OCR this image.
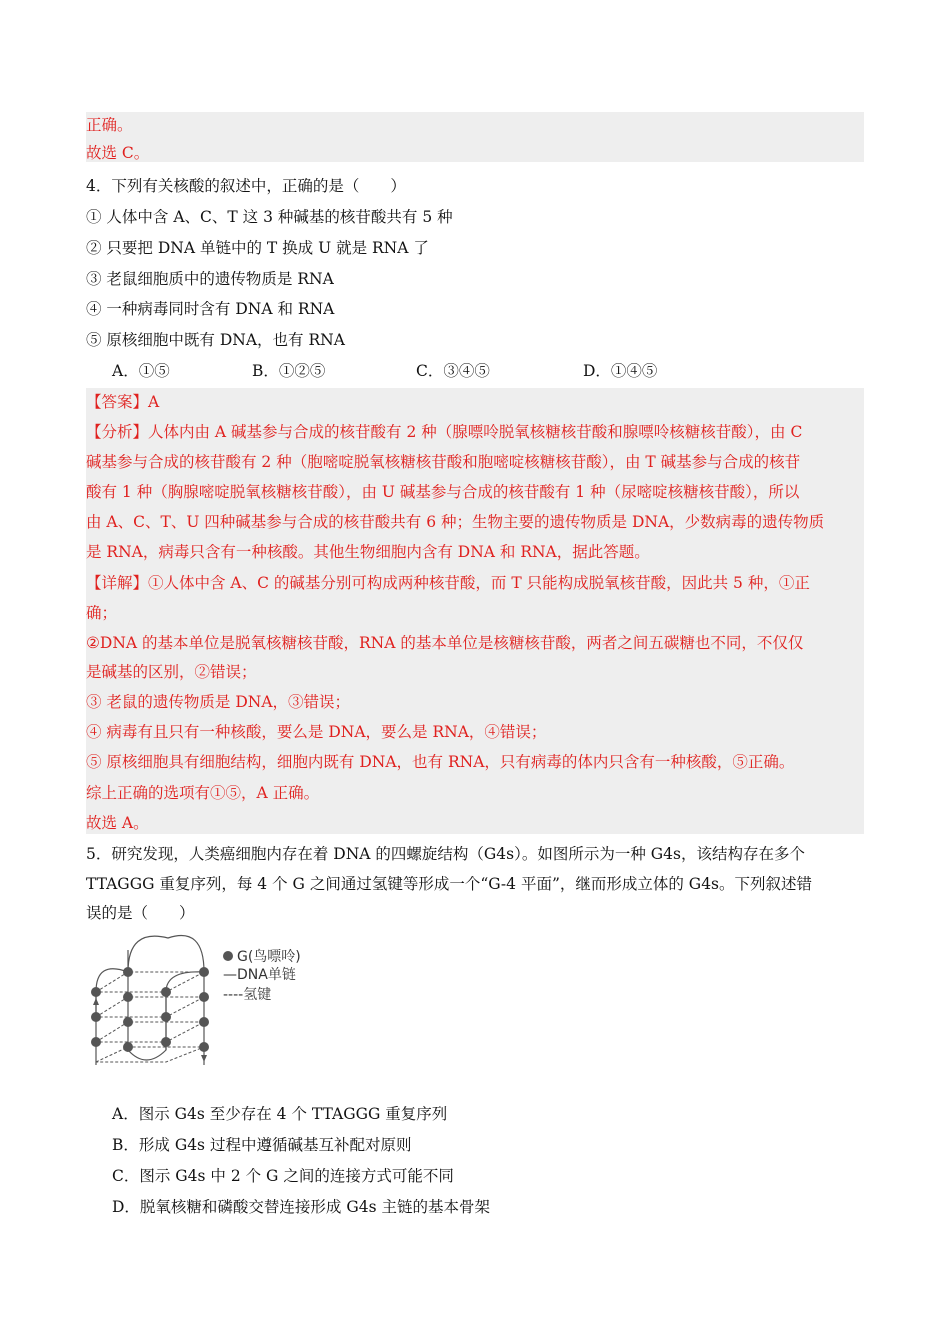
正确。
故选 C。
4．下列有关核酸的叙述中，正确的是（　　）
① 人体中含 A、C、T 这 3 种碱基的核苷酸共有 5 种
② 只要把 DNA 单链中的 T 换成 U 就是 RNA 了
③ 老鼠细胞质中的遗传物质是 RNA
④ 一种病毒同时含有 DNA 和 RNA
⑤ 原核细胞中既有 DNA，也有 RNA
A．①⑤	B．①②⑤	C．③④⑤	D．①④⑤
【答案】A
【分析】人体内由 A 碱基参与合成的核苷酸有 2 种（腺嘌呤脱氧核糖核苷酸和腺嘌呤核糖核苷酸），由 C
碱基参与合成的核苷酸有 2 种（胞嘧啶脱氧核糖核苷酸和胞嘧啶核糖核苷酸），由 T 碱基参与合成的核苷
酸有 1 种（胸腺嘧啶脱氧核糖核苷酸），由 U 碱基参与合成的核苷酸有 1 种（尿嘧啶核糖核苷酸），所以
由 A、C、T、U 四种碱基参与合成的核苷酸共有 6 种；生物主要的遗传物质是 DNA，少数病毒的遗传物质
是 RNA，病毒只含有一种核酸。其他生物细胞内含有 DNA 和 RNA，据此答题。
【详解】①人体中含 A、C 的碱基分别可构成两种核苷酸，而 T 只能构成脱氧核苷酸，因此共 5 种，①正
确；
②DNA 的基本单位是脱氧核糖核苷酸，RNA 的基本单位是核糖核苷酸，两者之间五碳糖也不同，不仅仅
是碱基的区别，②错误；
③ 老鼠的遗传物质是 DNA，③错误；
④ 病毒有且只有一种核酸，要么是 DNA，要么是 RNA，④错误；
⑤ 原核细胞具有细胞结构，细胞内既有 DNA，也有 RNA，只有病毒的体内只含有一种核酸，⑤正确。
综上正确的选项有①⑤，A 正确。
故选 A。
5．研究发现，人类癌细胞内存在着 DNA 的四螺旋结构（G4s）。如图所示为一种 G4s，该结构存在多个
TTAGGG 重复序列，每 4 个 G 之间通过氢键等形成一个“G-4 平面”，继而形成立体的 G4s。下列叙述错
误的是（　　）
G(鸟嘌呤)
—DNA单链
----氢键
A．图示 G4s 至少存在 4 个 TTAGGG 重复序列
B．形成 G4s 过程中遵循碱基互补配对原则
C．图示 G4s 中 2 个 G 之间的连接方式可能不同
D．脱氧核糖和磷酸交替连接形成 G4s 主链的基本骨架
